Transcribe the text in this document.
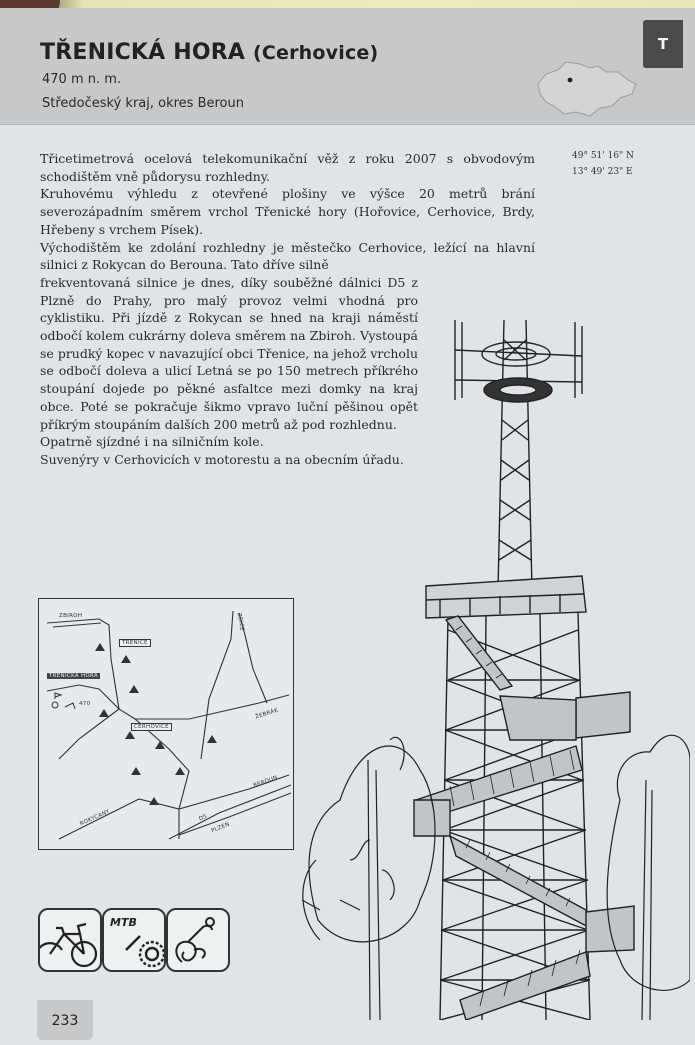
TŘENICKÁ HORA (Cerhovice)
470 m n. m.
Středočeský kraj, okres Beroun
T
49° 51' 16" N
13° 49' 23" E

Třicetimetrová ocelová telekomunikační věž z roku 2007 s obvodovým schodištěm vně půdorysu rozhledny.

Kruhovému výhledu z otevřené plošiny ve výšce 20 metrů brání severozápadním směrem vrchol Třenické hory (Hořovice, Cerhovice, Brdy, Hřebeny s vrchem Písek).

Východištěm ke zdolání rozhledny je městečko Cerhovice, ležící na hlavní silnici z Rokycan do Berouna. Tato dříve silně

frekventovaná silnice je dnes, díky souběžné dálnici D5 z Plzně do Prahy, pro malý provoz velmi vhodná pro cyklistiku. Při jízdě z Rokycan se hned na kraji náměstí odbočí kolem cukrárny doleva směrem na Zbiroh. Vystoupá se prudký kopec v navazující obci Třenice, na jehož vrcholu se odbočí doleva a ulicí Letná se po 150 metrech příkrého stoupání dojede po pěkné asfaltce mezi domky na kraj obce. Poté se pokračuje šikmo vpravo luční pěšinou opět příkrým stoupáním dalších 200 metrů až pod rozhlednu.

Opatrně sjízdné i na silničním kole.

Suvenýry v Cerhovicích v motorestu a na obecním úřadu.

ZBIROH
TŘENICE
TŘENICKÁ HORA
470
CERHOVICE
ZDICE
ŽEBRÁK
BEROUN
ROKYCANY	D5
PLZEŇ
MTB
233
